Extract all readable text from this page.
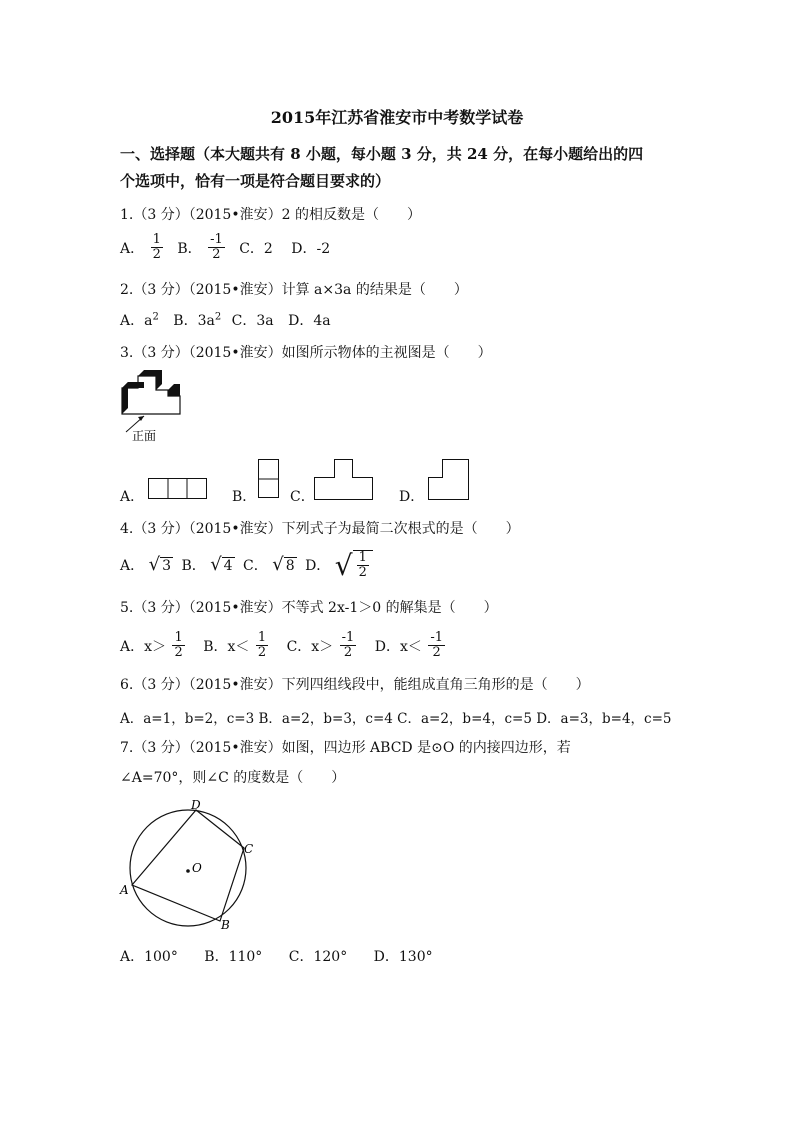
2015年江苏省淮安市中考数学试卷
一、选择题（本大题共有 8 小题，每小题 3 分，共 24 分，在每小题给出的四
个选项中，恰有一项是符合题目要求的）
1.（3 分）（2015•淮安）2 的相反数是（　　）
A． $\frac{1}{2}$ B． $\frac{-1}{2}$ C．2 D．-2
2.（3 分）（2015•淮安）计算 a×3a 的结果是（　　）
A．$a^2$ B．$3a^2$ C．3a D．4a
3.（3 分）（2015•淮安）如图所示物体的主视图是（　　）
正面
A．	B． C．	D．
4.（3 分）（2015•淮安）下列式子为最简二次根式的是（　　）
A． √ 3 B． √ 4 C． √ 8 D． √ $\frac{1}{2}$
5.（3 分）（2015•淮安）不等式 2x-1＞0 的解集是（　　）
A．$x> \frac{1}{2}$ B．$x< \frac{1}{2}$ C．$x> \frac{-1}{2}$ D．$x< \frac{-1}{2}$
6.（3 分）（2015•淮安）下列四组线段中，能组成直角三角形的是（　　）
A．a=1，b=2，c=3 B．a=2，b=3，c=4 C．a=2，b=4，c=5 D．a=3，b=4，c=5
7.（3 分）（2015•淮安）如图，四边形 ABCD 是⊙O 的内接四边形，若
∠A=70°，则∠C 的度数是（　　）
O
D
C
B
A
A．100° B．110° C．120° D．130°
